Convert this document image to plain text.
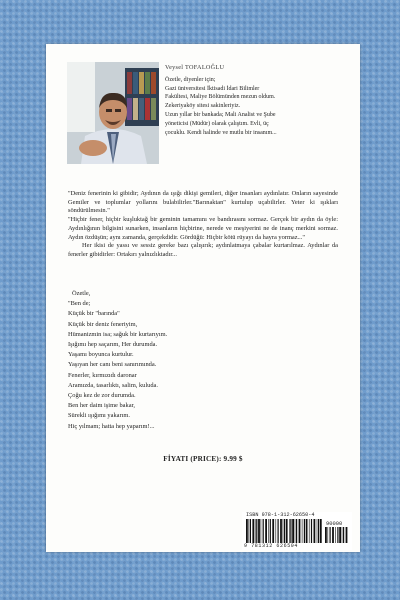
Veysel TOFALOĞLU

Özetle, diyenler için;

Gazi üniversitesi İktisadi İdari Bilimler

Fakültesi, Maliye Bölümünden mezun oldum.

Zekeriyaköy sitesi sakinleriyiz.

Uzun yıllar bir bankada; Mali Analist ve Şube

yöneticisi (Müdür) olarak çalıştım. Evli, üç

çocuklu. Kendi halinde ve mutlu bir insanım...

"Deniz fenerinin ki gibidir; Aydının da ışığı dikişi gemileri, diğer insanları aydınlatır. Onların sayesinde Gemiler ve toplumlar yollarını bulabilirler."Barınaktan" kurtulup uçabilirler. Yeter ki ışıkları söndürülmesin."

"Hiçbir fener, hiçbir kuşluktağ bir geminin tamamını ve bandırasını sormaz. Gerçek bir aydın da öyle: Aydınlığının bilgisini sunarken, insanların hiçbirine, nerede ve meşiyerini ne de inanç merkini sormaz. Aydın özdüşün; aynı zamanda, gerçekdidir. Gördüğü: Hiçbir kötü rüyayı da hayra yormaz..."

Her ikisi de yassı ve sessiz gereke bazı çalışırık; aydınlatmaya çabalar kurtarılmaz. Aydınlar da fenerler gibidirler: Ortakırı yalnızlıktadır...

Özetle,

"Ben de;

Küçük bir "barında"

Küçük bir deniz feneriyim,

Hümanizmin isa; sağuk bir kurtarıyım.

Işığımı hep saçarım, Her durumda.

Yaşamı boyunca kurtulur.

Yaşıyan her canı beni sanırımında.

Fenerler, kırmızıdı daronar

Aramızda, tasarlıktı, salim, kuluda.

Çoğu kez de zor durumda.

Ben her daim işime bakar,

Sürekli ışığımı yakarım.

Hiç yılmam; hatta hep yaparım!...

FİYATI (PRICE): 9.99 $
ISBN 978-1-312-62650-4
90000
9 781312 626504
